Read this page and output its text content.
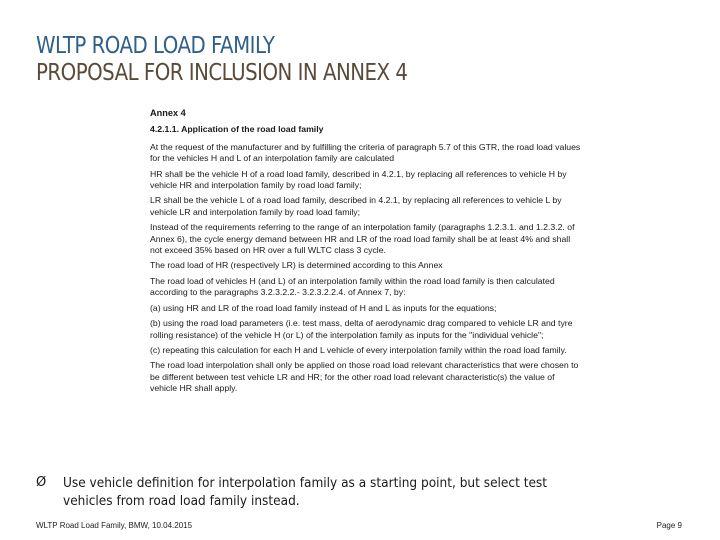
WLTP ROAD LOAD FAMILY
PROPOSAL FOR INCLUSION IN ANNEX 4

Annex 4

4.2.1.1. Application of the road load family

At the request of the manufacturer and by fulfilling the criteria of paragraph 5.7 of this GTR, the road load values for the vehicles H and L of an interpolation family are calculated

HR shall be the vehicle H of a road load family, described in 4.2.1, by replacing all references to vehicle H by vehicle HR and interpolation family by road load family;

LR shall be the vehicle L of a road load family, described in 4.2.1, by replacing all references to vehicle L by vehicle LR and interpolation family by road load family;

Instead of the requirements referring to the range of an interpolation family (paragraphs 1.2.3.1. and 1.2.3.2. of Annex 6), the cycle energy demand between HR and LR of the road load family shall be at least 4% and shall not exceed 35% based on HR over a full WLTC class 3 cycle.

The road load of HR (respectively LR) is determined according to this Annex

The road load of vehicles H (and L) of an interpolation family within the road load family is then calculated according to the paragraphs 3.2.3.2.2.- 3.2.3.2.2.4. of Annex 7, by:

(a) using HR and LR of the road load family instead of H and L as inputs for the equations;

(b) using the road load parameters (i.e. test mass, delta of aerodynamic drag compared to vehicle LR and tyre rolling resistance) of the vehicle H (or L) of the interpolation family as inputs for the "individual vehicle";

(c) repeating this calculation for each H and L vehicle of every interpolation family within the road load family.

The road load interpolation shall only be applied on those road load relevant characteristics that were chosen to be different between test vehicle LR and HR; for the other road load relevant characteristic(s) the value of vehicle HR shall apply.

Ø Use vehicle definition for interpolation family as a starting point, but select test vehicles from road load family instead.
WLTP Road Load Family, BMW, 10.04.2015	Page 9
